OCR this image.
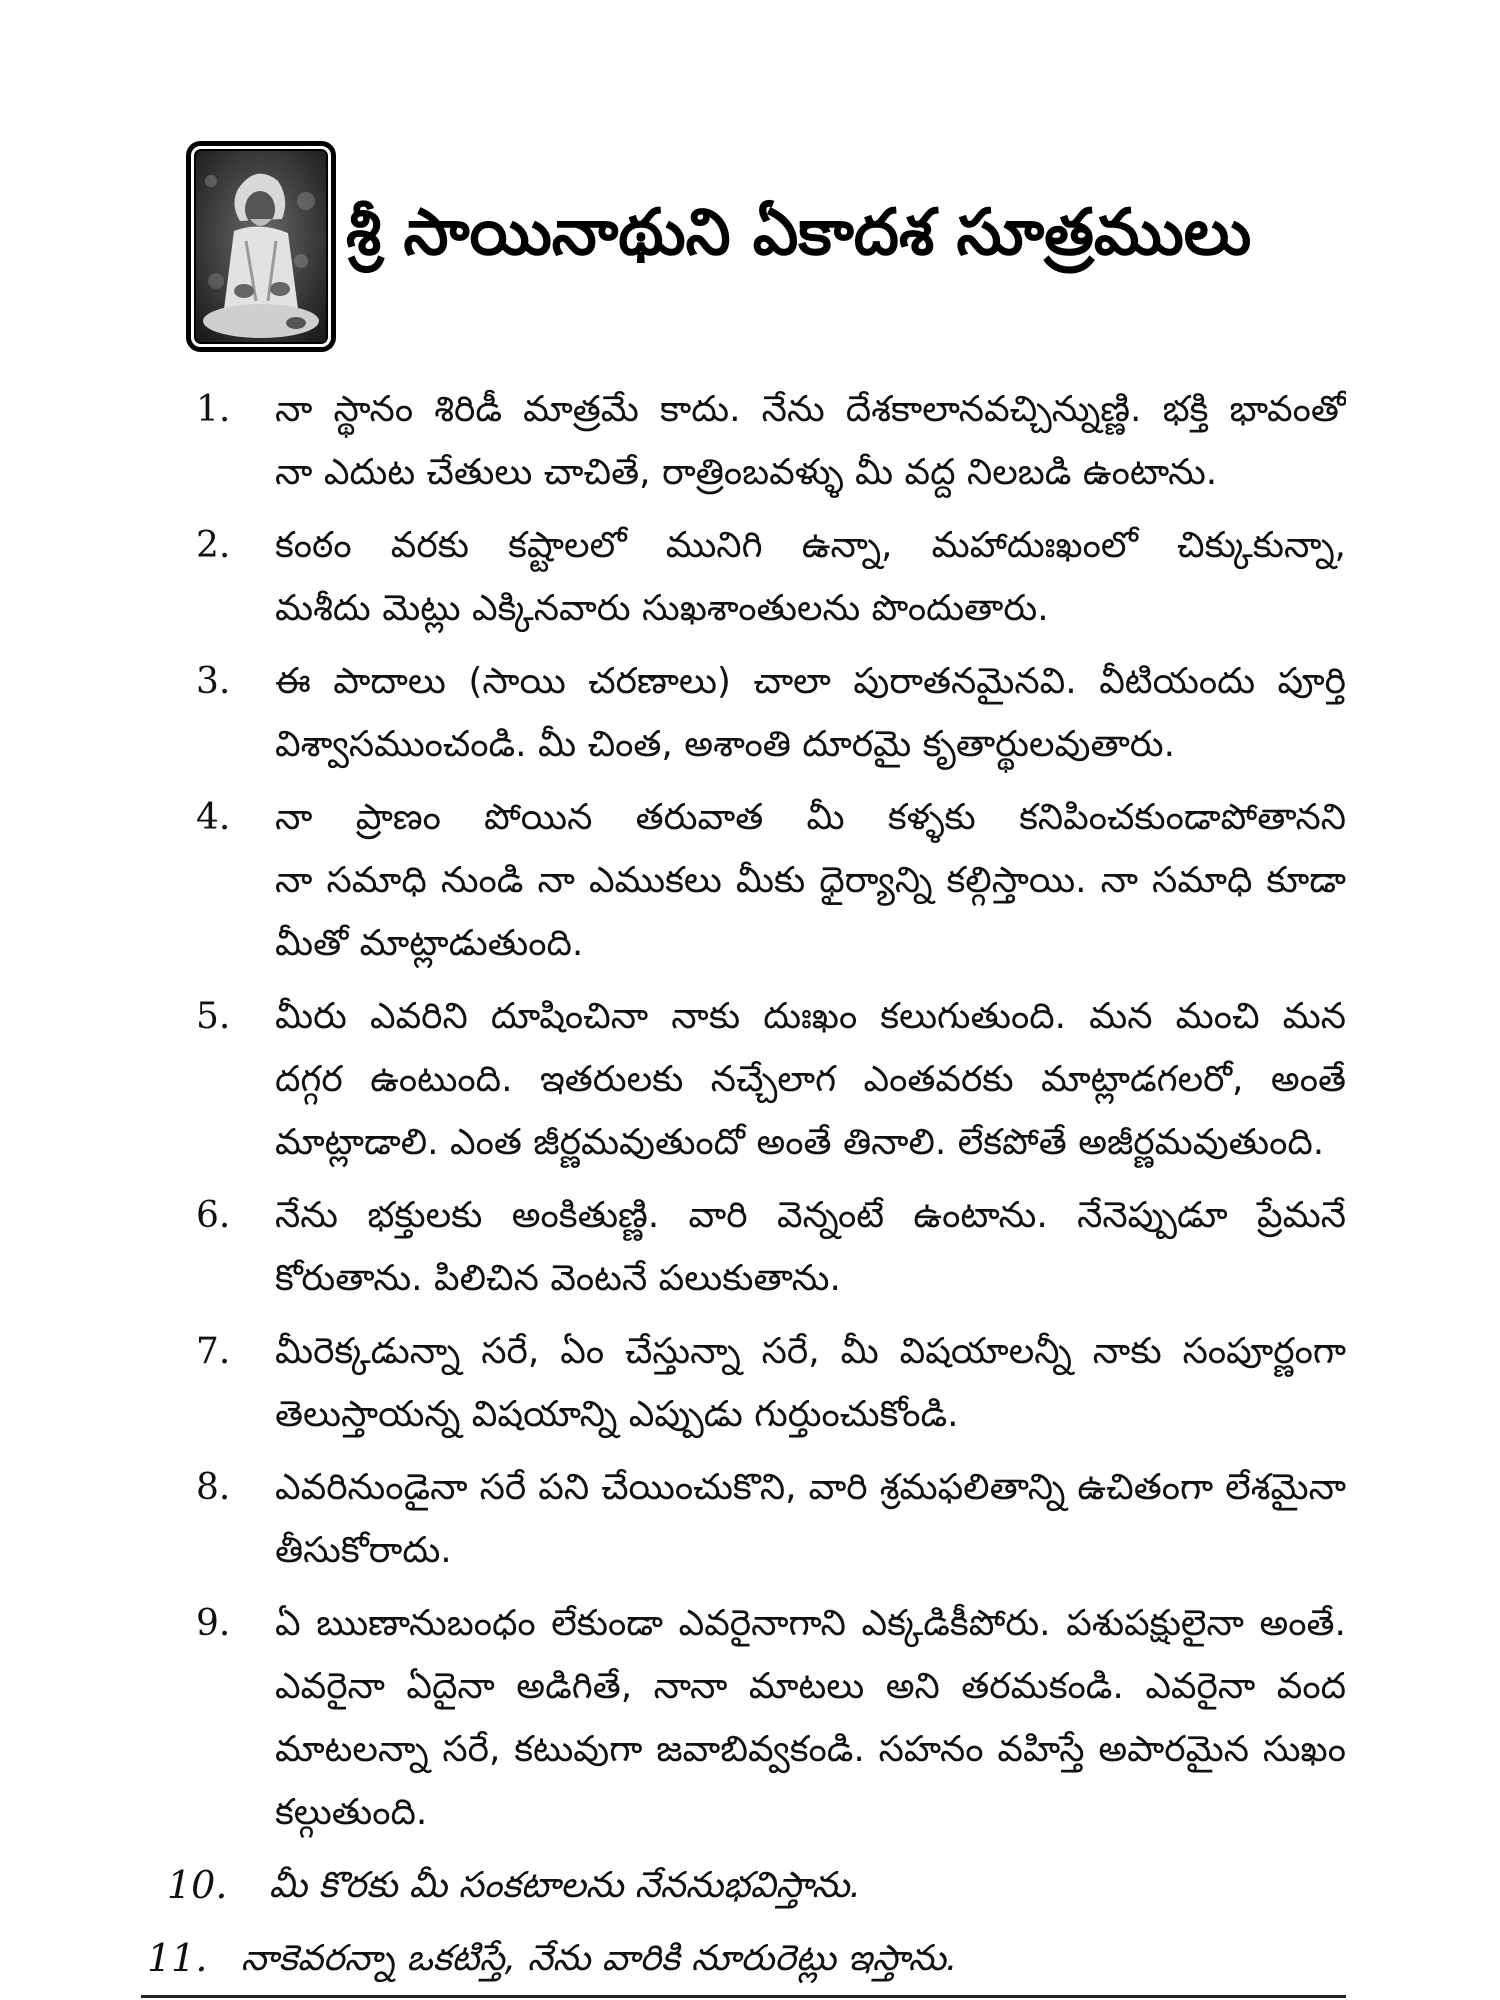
శ్రీ సాయినాథుని ఏకాదశ సూత్రములు
1.	నా స్థానం శిరిడీ మాత్రమే కాదు. నేను దేశకాలానవచ్చిన్నుణ్ణి. భక్తి భావంతో
నా ఎదుట చేతులు చాచితే, రాత్రింబవళ్ళు మీ వద్ద నిలబడి ఉంటాను.
2.	కంఠం వరకు కష్టాలలో మునిగి ఉన్నా, మహాదుఃఖంలో చిక్కుకున్నా,
మశీదు మెట్లు ఎక్కినవారు సుఖశాంతులను పొందుతారు.
3.	ఈ పాదాలు (సాయి చరణాలు) చాలా పురాతనమైనవి. వీటియందు పూర్తి
విశ్వాసముంచండి. మీ చింత, అశాంతి దూరమై కృతార్థులవుతారు.
4.	నా ప్రాణం పోయిన తరువాత మీ కళ్ళకు కనిపించకుండాపోతానని
నా సమాధి నుండి నా ఎముకలు మీకు ధైర్యాన్ని కల్గిస్తాయి. నా సమాధి కూడా
మీతో మాట్లాడుతుంది.
5.	మీరు ఎవరిని దూషించినా నాకు దుఃఖం కలుగుతుంది. మన మంచి మన
దగ్గర ఉంటుంది. ఇతరులకు నచ్చేలాగ ఎంతవరకు మాట్లాడగలరో, అంతే
మాట్లాడాలి. ఎంత జీర్ణమవుతుందో అంతే తినాలి. లేకపోతే అజీర్ణమవుతుంది.
6.	నేను భక్తులకు అంకితుణ్ణి. వారి వెన్నంటే ఉంటాను. నేనెప్పుడూ ప్రేమనే
కోరుతాను. పిలిచిన వెంటనే పలుకుతాను.
7.	మీరెక్కడున్నా సరే, ఏం చేస్తున్నా సరే, మీ విషయాలన్నీ నాకు సంపూర్ణంగా
తెలుస్తాయన్న విషయాన్ని ఎప్పుడు గుర్తుంచుకోండి.
8.	ఎవరినుండైనా సరే పని చేయించుకొని, వారి శ్రమఫలితాన్ని ఉచితంగా లేశమైనా
తీసుకోరాదు.
9.	ఏ ఋణానుబంధం లేకుండా ఎవరైనాగాని ఎక్కడికీపోరు. పశుపక్షులైనా అంతే.
ఎవరైనా ఏదైనా అడిగితే, నానా మాటలు అని తరమకండి. ఎవరైనా వంద
మాటలన్నా సరే, కటువుగా జవాబివ్వకండి. సహనం వహిస్తే అపారమైన సుఖం
కల్గుతుంది.
10. మీ కొరకు మీ సంకటాలను నేననుభవిస్తాను.
11. నాకెవరన్నా ఒకటిస్తే, నేను వారికి నూరురెట్లు ఇస్తాను.
